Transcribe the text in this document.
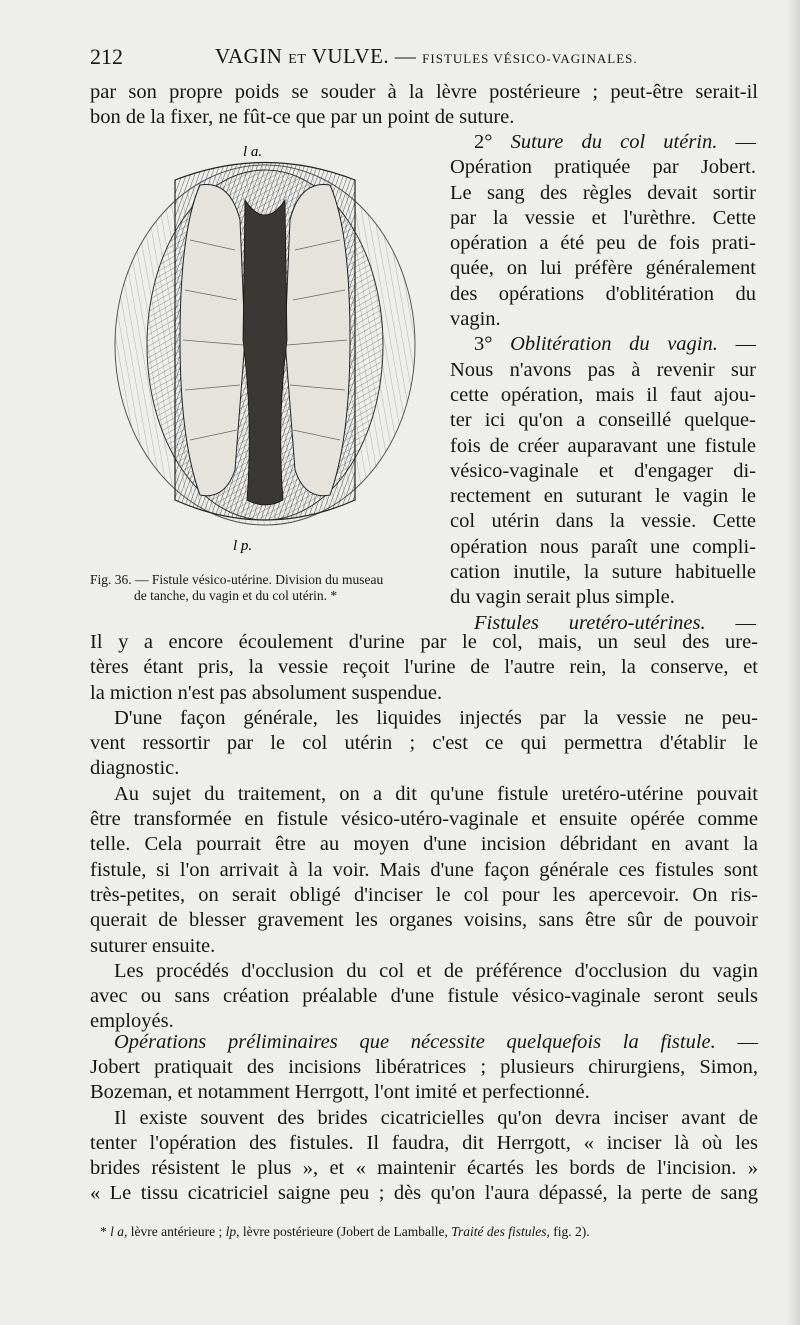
212	VAGIN ET VULVE. — FISTULES VÉSICO-VAGINALES.
par son propre poids se souder à la lèvre postérieure ; peut-être serait-il
bon de la fixer, ne fût-ce que par un point de suture.
l a.
l p.
Fig. 36. — Fistule vésico-utérine. Division du museau
de tanche, du vagin et du col utérin. *
2° Suture du col utérin. —
Opération pratiquée par Jobert.
Le sang des règles devait sortir
par la vessie et l'urèthre. Cette
opération a été peu de fois prati-
quée, on lui préfère généralement
des opérations d'oblitération du
vagin.
3° Oblitération du vagin. —
Nous n'avons pas à revenir sur
cette opération, mais il faut ajou-
ter ici qu'on a conseillé quelque-
fois de créer auparavant une fistule
vésico-vaginale et d'engager di-
rectement en suturant le vagin le
col utérin dans la vessie. Cette
opération nous paraît une compli-
cation inutile, la suture habituelle
du vagin serait plus simple.
Fistules uretéro-utérines. —
Il y a encore écoulement d'urine par le col, mais, un seul des ure-
tères étant pris, la vessie reçoit l'urine de l'autre rein, la conserve, et
la miction n'est pas absolument suspendue.
D'une façon générale, les liquides injectés par la vessie ne peu-
vent ressortir par le col utérin ; c'est ce qui permettra d'établir le
diagnostic.
Au sujet du traitement, on a dit qu'une fistule uretéro-utérine pouvait
être transformée en fistule vésico-utéro-vaginale et ensuite opérée comme
telle. Cela pourrait être au moyen d'une incision débridant en avant la
fistule, si l'on arrivait à la voir. Mais d'une façon générale ces fistules sont
très-petites, on serait obligé d'inciser le col pour les apercevoir. On ris-
querait de blesser gravement les organes voisins, sans être sûr de pouvoir
suturer ensuite.
Les procédés d'occlusion du col et de préférence d'occlusion du vagin
avec ou sans création préalable d'une fistule vésico-vaginale seront seuls
employés.
Opérations préliminaires que nécessite quelquefois la fistule. —
Jobert pratiquait des incisions libératrices ; plusieurs chirurgiens, Simon,
Bozeman, et notamment Herrgott, l'ont imité et perfectionné.
Il existe souvent des brides cicatricielles qu'on devra inciser avant de
tenter l'opération des fistules. Il faudra, dit Herrgott, « inciser là où les
brides résistent le plus », et « maintenir écartés les bords de l'incision. »
« Le tissu cicatriciel saigne peu ; dès qu'on l'aura dépassé, la perte de sang
* l a, lèvre antérieure ; lp, lèvre postérieure (Jobert de Lamballe, Traité des fistules, fig. 2).
